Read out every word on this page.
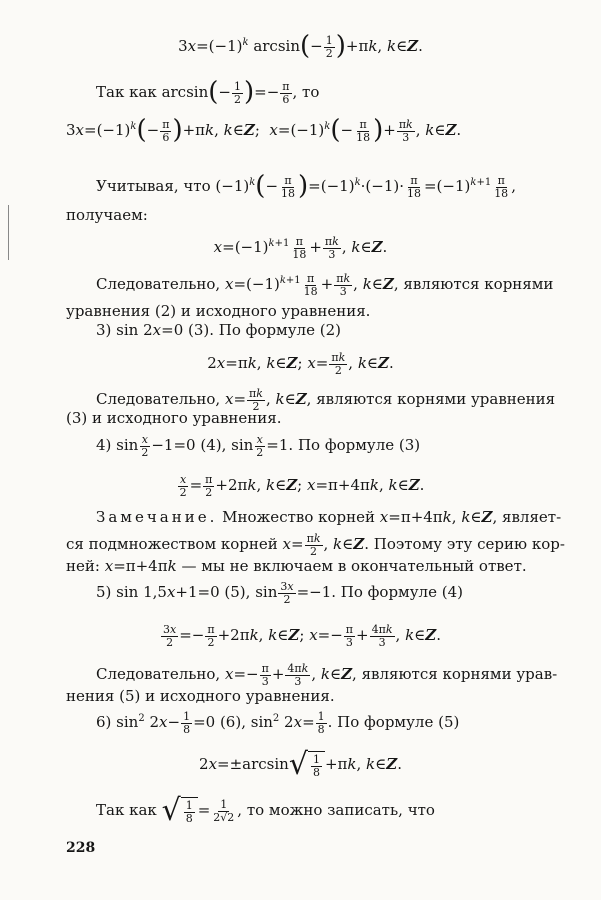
$3x=(-1)^k$ $\arcsin(- \frac{1}{2} )+\pi k$, k∈Z.
Так как $\arcsin(- \frac{1}{2}$ )=− $\frac{\pi}{6}$ , то
$3x=(-1)^k(- \frac{\pi}{6} )+\pi k$, k∈Z;  $x=(-1)^k(- \frac{\pi}{18}$ )+ $\frac{\pi k}{3}$ , k∈Z.
Учитывая, что $(-1)^k(- \frac{\pi}{18} )=(-1)^k\cdot(-1)\cdot \frac{\pi}{18} =(-1)^{k+1} \frac{\pi}{18}$ ,
получаем:
$x=(-1)^{k+1} \frac{\pi}{18} + \frac{\pi k}{3}$ , k∈Z.
Следовательно, $x=(-1)^{k+1} \frac{\pi}{18} + \frac{\pi k}{3}$ , k∈Z, являются корнями
уравнения (2) и исходного уравнения.
3) sin 2x=0 (3). По формуле (2)
2x=πk, k∈Z; $x= \frac{\pi k}{2}$ , k∈Z.
Следовательно, $x= \frac{\pi k}{2}$ , k∈Z, являются корнями уравнения
(3) и исходного уравнения.
4) $\sin \frac{x}{2} -1=0$ (4), $\sin \frac{x}{2} =1$. По формуле (3)
$\frac{x}{2} = \frac{\pi}{2} +2\pi k$, k∈Z; x=π+4πk, k∈Z.
Замечание. Множество корней x=π+4πk, k∈Z, являет-
ся подмножеством корней $x= \frac{\pi k}{2}$ , k∈Z. Поэтому эту серию кор-
ней: x=π+4πk — мы не включаем в окончательный ответ.
5) sin 1,5x+1=0 (5), $\sin \frac{3x}{2} =-1$. По формуле (4)
$\frac{3x}{2} =- \frac{\pi}{2} +2\pi k$, k∈Z; $x=- \frac{\pi}{3} + \frac{4\pi k}{3}$ , k∈Z.
Следовательно, $x=- \frac{\pi}{3} + \frac{4\pi k}{3}$ , k∈Z, являются корнями урав-
нения (5) и исходного уравнения.
6) $\sin^2 2x- \frac{1}{8} =0$ (6), $\sin^2 2x= \frac{1}{8}$ . По формуле (5)
2x=±arcsin √ 1
8 +πk, k∈Z.
Так как √ 1
$8 = \frac{1}{2√2}$ , то можно записать, что
228
